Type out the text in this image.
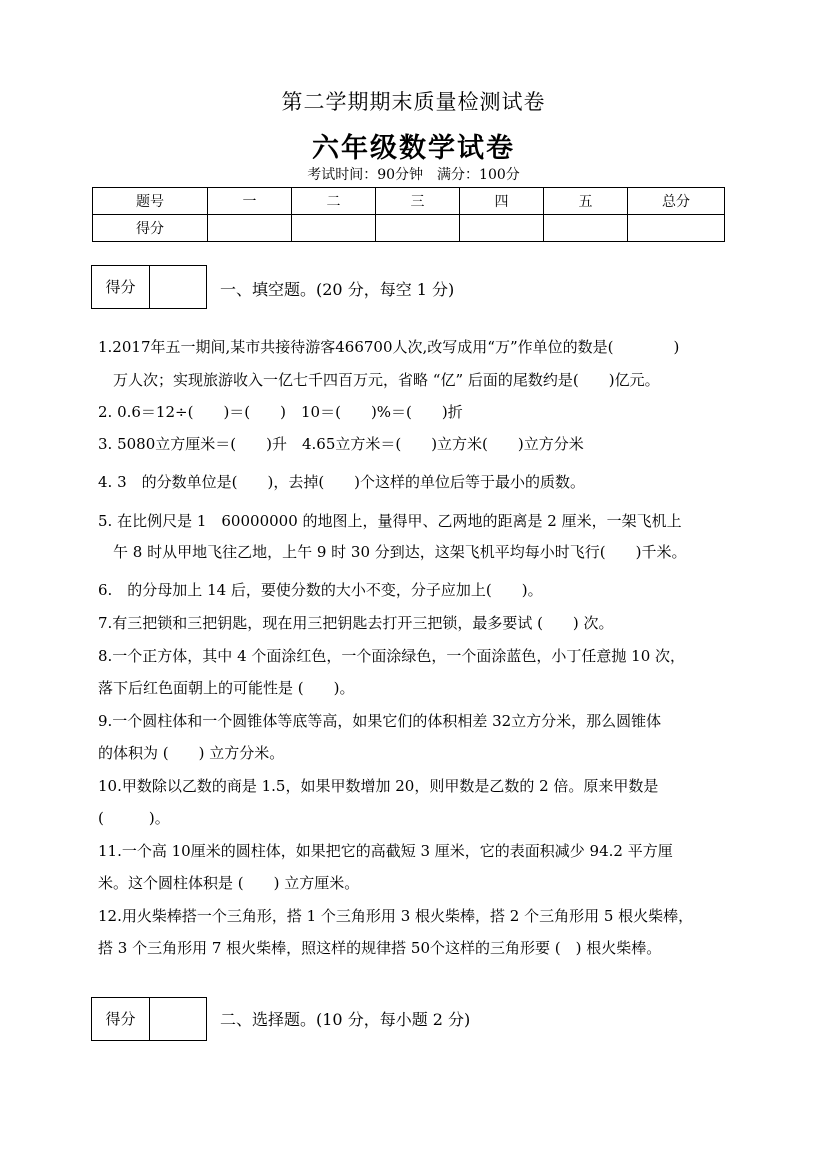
第二学期期末质量检测试卷
六年级数学试卷
考试时间：90分钟　满分：100分
题号	一	二	三	四	五	总分
得分						
得分	一、填空题。(20 分，每空 1 分)
1.2017年五一期间,某市共接待游客466700人次,改写成用“万”作单位的数是(　　　　)
　万人次；实现旅游收入一亿七千四百万元，省略 “亿” 后面的尾数约是(　　)亿元。
2. 0.6＝12÷(　　)＝(　　)　10＝(　　)%＝(　　)折
3. 5080立方厘米＝(　　)升　4.65立方米＝(　　)立方米(　　)立方分米
4. 3　的分数单位是(　　)，去掉(　　)个这样的单位后等于最小的质数。
5. 在比例尺是 1　60000000 的地图上，量得甲、乙两地的距离是 2 厘米，一架飞机上
　午 8 时从甲地飞往乙地，上午 9 时 30 分到达，这架飞机平均每小时飞行(　　)千米。
6.　的分母加上 14 后，要使分数的大小不变，分子应加上(　　)。
7.有三把锁和三把钥匙，现在用三把钥匙去打开三把锁，最多要试 (　　) 次。
8.一个正方体，其中 4 个面涂红色，一个面涂绿色，一个面涂蓝色，小丁任意抛 10 次，
落下后红色面朝上的可能性是 (　　)。
9.一个圆柱体和一个圆锥体等底等高，如果它们的体积相差 32立方分米，那么圆锥体
的体积为 (　　) 立方分米。
10.甲数除以乙数的商是 1.5，如果甲数增加 20，则甲数是乙数的 2 倍。原来甲数是
(　　　)。
11.一个高 10厘米的圆柱体，如果把它的高截短 3 厘米，它的表面积减少 94.2 平方厘
米。这个圆柱体积是 (　　) 立方厘米。
12.用火柴棒搭一个三角形，搭 1 个三角形用 3 根火柴棒，搭 2 个三角形用 5 根火柴棒，
搭 3 个三角形用 7 根火柴棒，照这样的规律搭 50个这样的三角形要 (　) 根火柴棒。
得分	二、选择题。(10 分，每小题 2 分)
